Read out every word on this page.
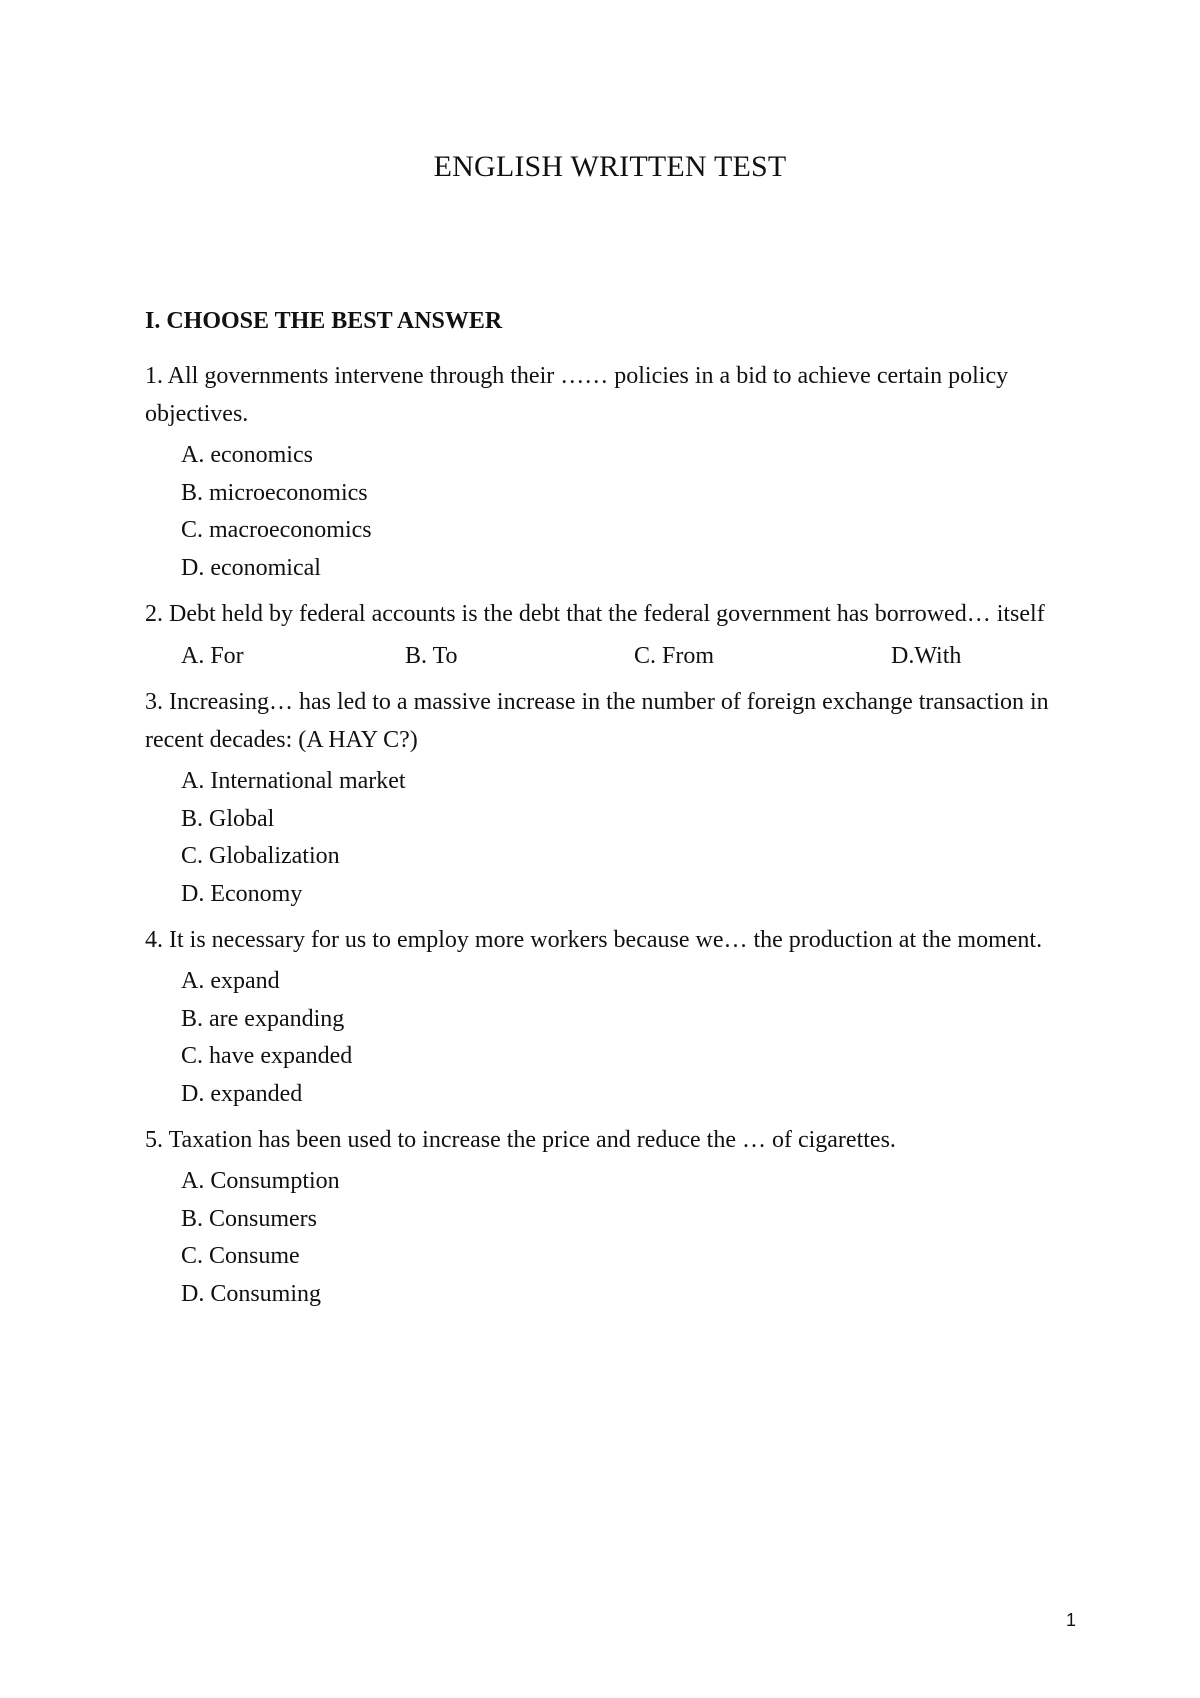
ENGLISH WRITTEN TEST
I. CHOOSE THE BEST ANSWER

1. All governments intervene through their …… policies in a bid to achieve certain policy objectives.

A. economics
B. microeconomics
C. macroeconomics
D. economical

2. Debt held by federal accounts is the debt that the federal government has borrowed… itself

A. For	B. To	C. From	D.With

3. Increasing… has led to a massive increase in the number of foreign exchange transaction in recent decades: (A HAY C?)

A. International market
B. Global
C. Globalization
D. Economy

4. It is necessary for us to employ more workers because we… the production at the moment.

A. expand
B. are expanding
C. have expanded
D. expanded

5. Taxation has been used to increase the price and reduce the … of cigarettes.

A. Consumption
B. Consumers
C. Consume
D. Consuming
1
